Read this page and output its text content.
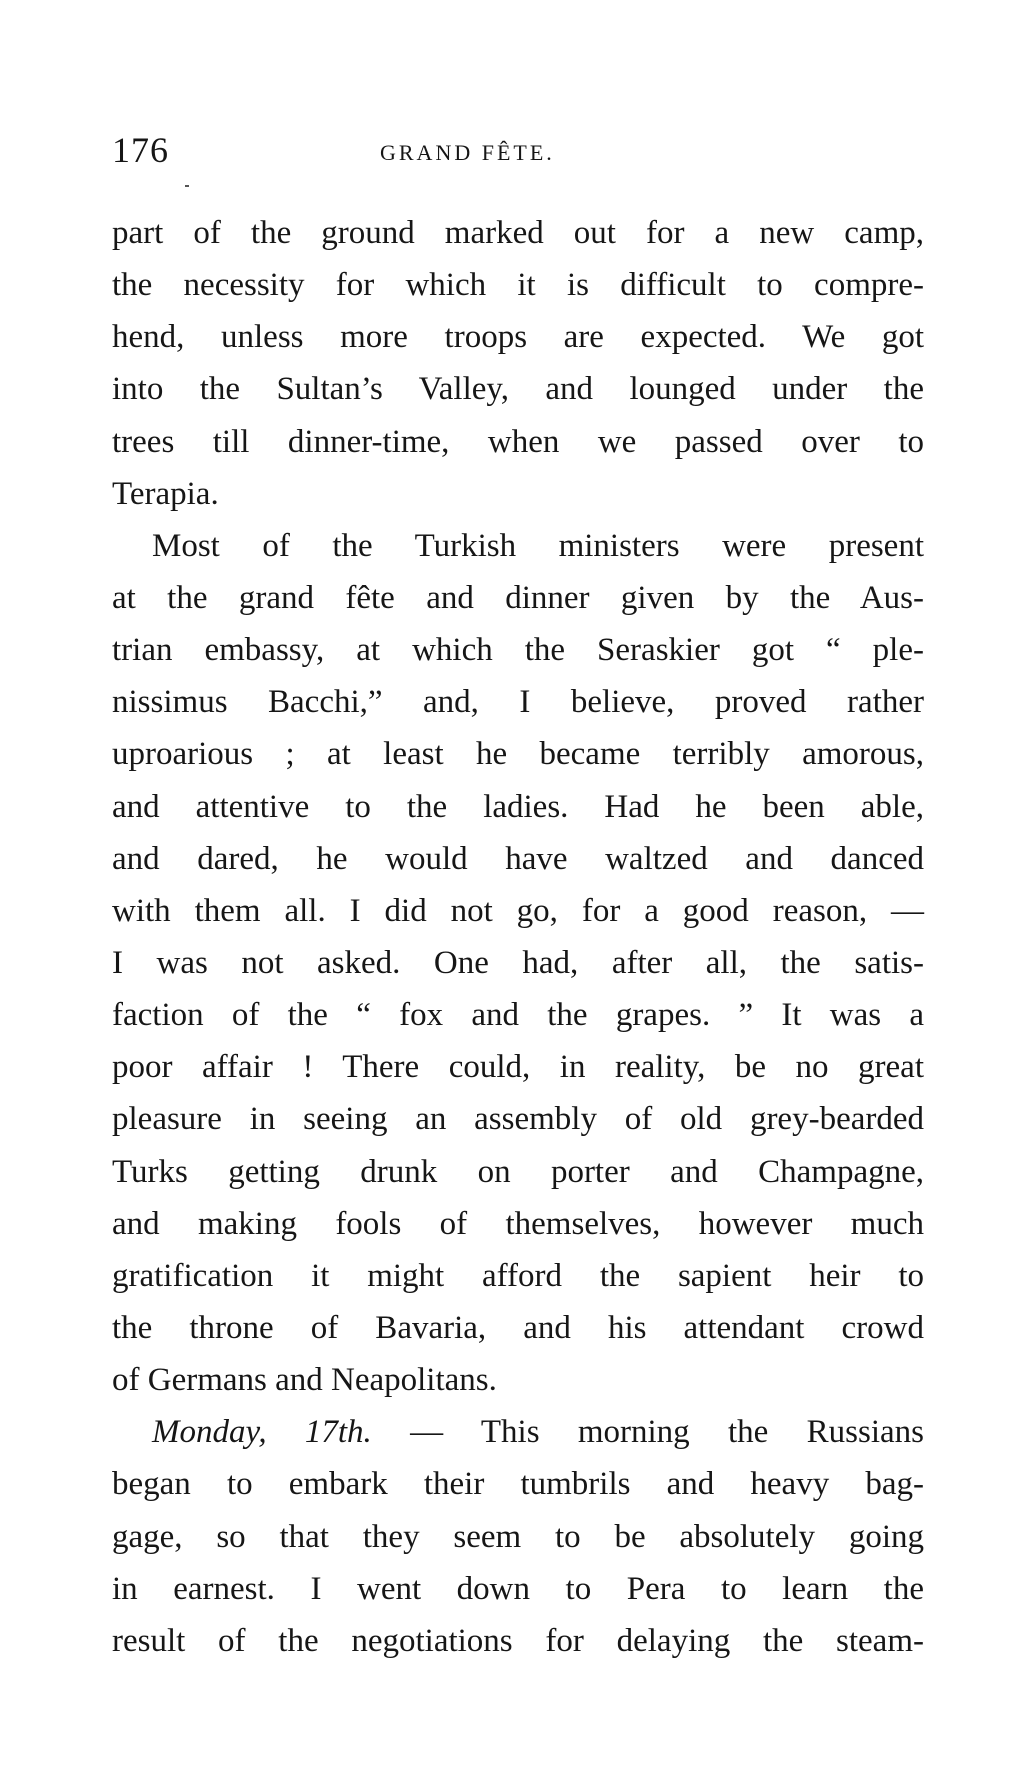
176	GRAND FÊTE.
part of the ground marked out for a new camp,
the necessity for which it is difficult to compre-
hend, unless more troops are expected. We got
into the Sultan’s Valley, and lounged under the
trees till dinner-time, when we passed over to
Terapia.
Most of the Turkish ministers were present
at the grand fête and dinner given by the Aus-
trian embassy, at which the Seraskier got “ ple-
nissimus Bacchi,” and, I believe, proved rather
uproarious ; at least he became terribly amorous,
and attentive to the ladies. Had he been able,
and dared, he would have waltzed and danced
with them all. I did not go, for a good reason, —
I was not asked. One had, after all, the satis-
faction of the “ fox and the grapes. ” It was a
poor affair ! There could, in reality, be no great
pleasure in seeing an assembly of old grey-bearded
Turks getting drunk on porter and Champagne,
and making fools of themselves, however much
gratification it might afford the sapient heir to
the throne of Bavaria, and his attendant crowd
of Germans and Neapolitans.
Monday, 17th. — This morning the Russians
began to embark their tumbrils and heavy bag-
gage, so that they seem to be absolutely going
in earnest. I went down to Pera to learn the
result of the negotiations for delaying the steam-
